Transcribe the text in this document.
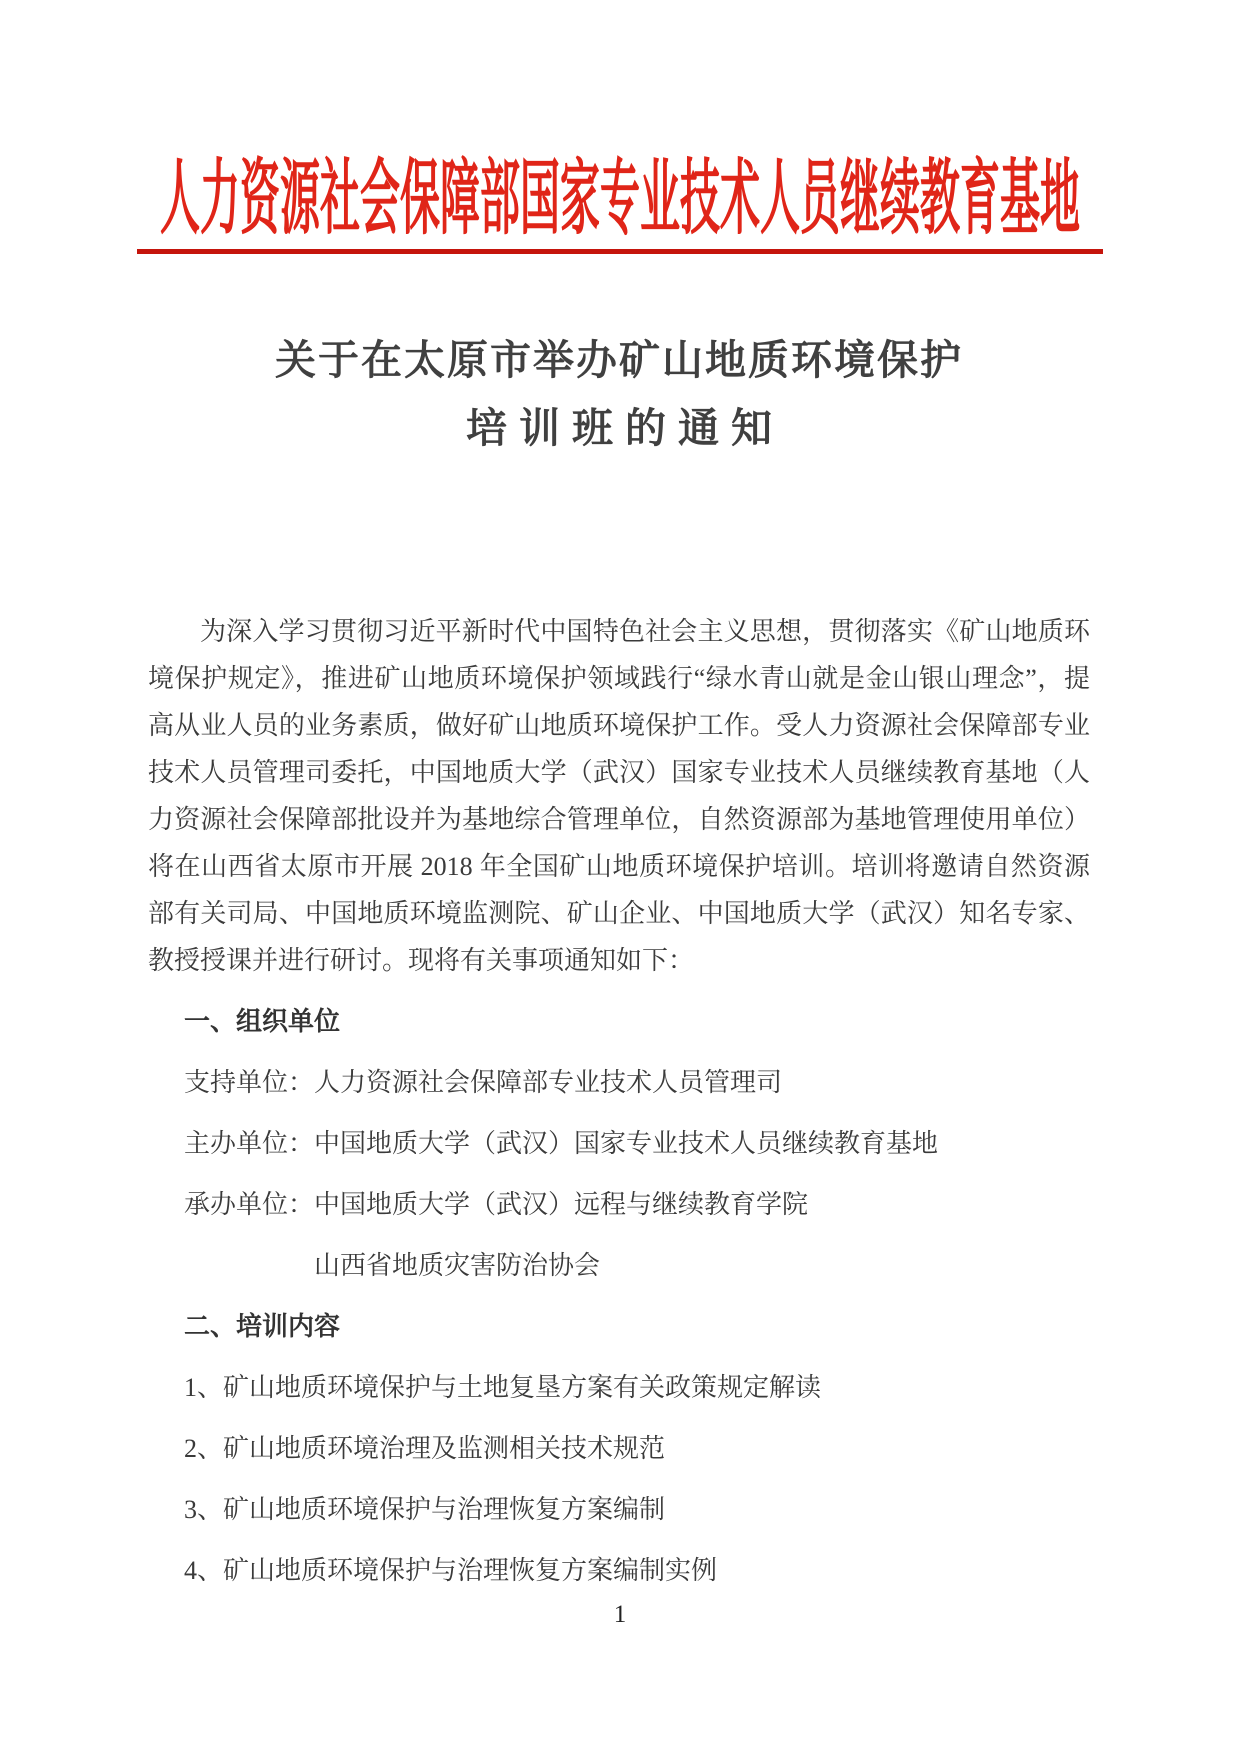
人力资源社会保障部国家专业技术人员继续教育基地
关于在太原市举办矿山地质环境保护
培训班的通知

为深入学习贯彻习近平新时代中国特色社会主义思想，贯彻落实《矿山地质环境保护规定》，推进矿山地质环境保护领域践行“绿水青山就是金山银山理念”，提高从业人员的业务素质，做好矿山地质环境保护工作。受人力资源社会保障部专业技术人员管理司委托，中国地质大学（武汉）国家专业技术人员继续教育基地（人力资源社会保障部批设并为基地综合管理单位，自然资源部为基地管理使用单位）将在山西省太原市开展 2018 年全国矿山地质环境保护培训。培训将邀请自然资源部有关司局、中国地质环境监测院、矿山企业、中国地质大学（武汉）知名专家、教授授课并进行研讨。现将有关事项通知如下：

一、组织单位
支持单位：人力资源社会保障部专业技术人员管理司
主办单位：中国地质大学（武汉）国家专业技术人员继续教育基地
承办单位：中国地质大学（武汉）远程与继续教育学院
山西省地质灾害防治协会
二、培训内容
1、矿山地质环境保护与土地复垦方案有关政策规定解读
2、矿山地质环境治理及监测相关技术规范
3、矿山地质环境保护与治理恢复方案编制
4、矿山地质环境保护与治理恢复方案编制实例
1
